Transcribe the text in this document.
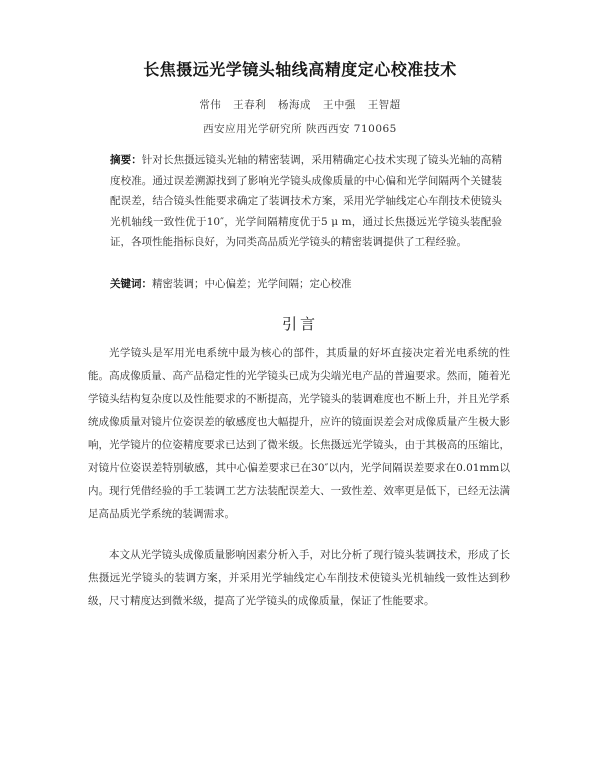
长焦摄远光学镜头轴线高精度定心校准技术
常伟 王春利 杨海成 王中强 王智超
西安应用光学研究所 陕西西安 710065
摘要：针对长焦摄远镜头光轴的精密装调，采用精确定心技术实现了镜头光轴的高精度校准。通过误差溯源找到了影响光学镜头成像质量的中心偏和光学间隔两个关键装配误差，结合镜头性能要求确定了装调技术方案，采用光学轴线定心车削技术使镜头光机轴线一致性优于10″，光学间隔精度优于5 μ m，通过长焦摄远光学镜头装配验证，各项性能指标良好，为同类高品质光学镜头的精密装调提供了工程经验。
关键词：精密装调；中心偏差；光学间隔；定心校准
引言

光学镜头是军用光电系统中最为核心的部件，其质量的好坏直接决定着光电系统的性能。高成像质量、高产品稳定性的光学镜头已成为尖端光电产品的普遍要求。然而，随着光学镜头结构复杂度以及性能要求的不断提高，光学镜头的装调难度也不断上升，并且光学系统成像质量对镜片位姿误差的敏感度也大幅提升，应许的镜面误差会对成像质量产生极大影响，光学镜片的位姿精度要求已达到了微米级。长焦摄远光学镜头，由于其极高的压缩比，对镜片位姿误差特别敏感，其中心偏差要求已在30″以内，光学间隔误差要求在0.01mm以内。现行凭借经验的手工装调工艺方法装配误差大、一致性差、效率更是低下，已经无法满足高品质光学系统的装调需求。

本文从光学镜头成像质量影响因素分析入手，对比分析了现行镜头装调技术，形成了长焦摄远光学镜头的装调方案，并采用光学轴线定心车削技术使镜头光机轴线一致性达到秒级，尺寸精度达到微米级，提高了光学镜头的成像质量，保证了性能要求。
